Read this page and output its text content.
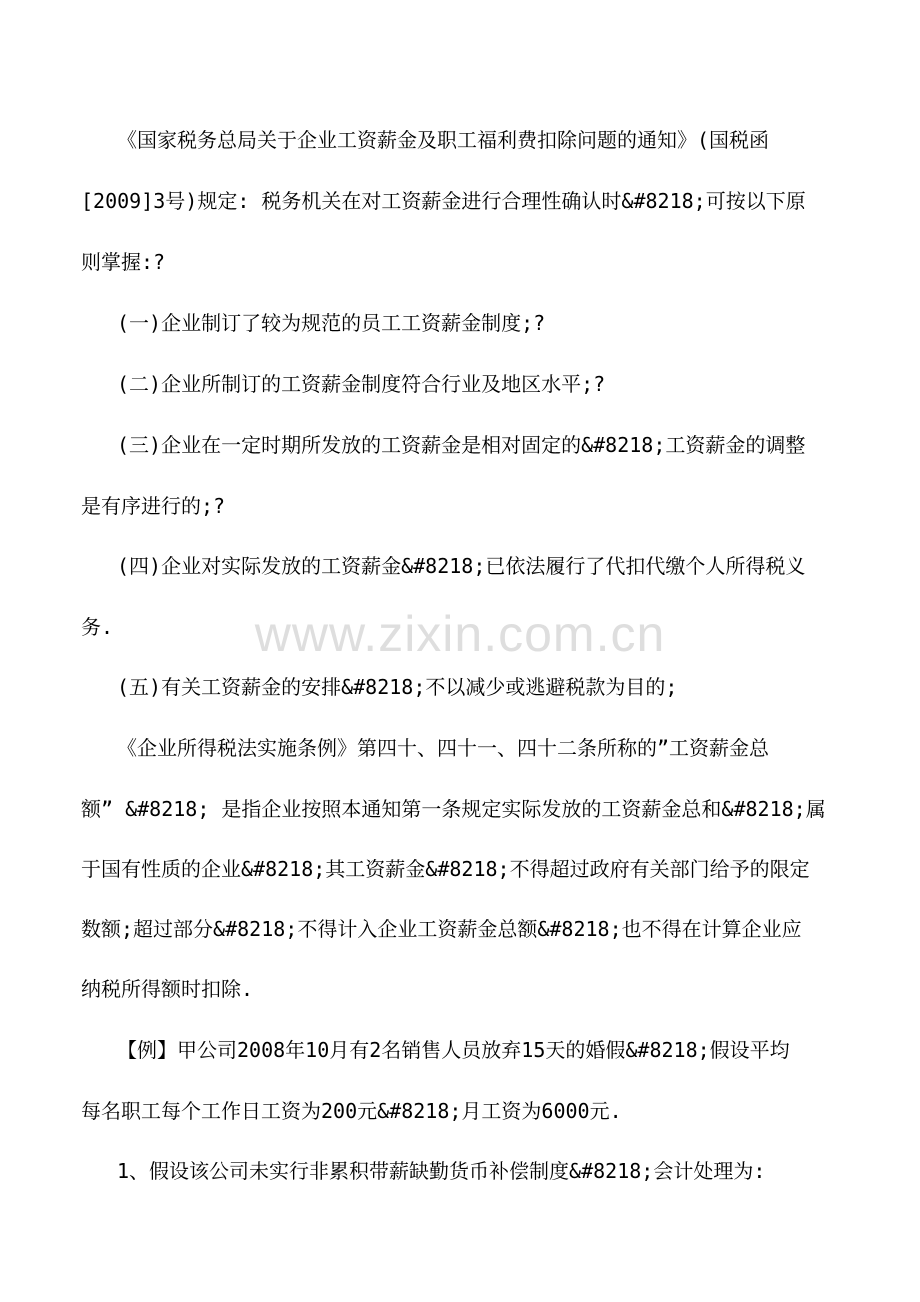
www.zixin.com.cn
《国家税务总局关于企业工资薪金及职工福利费扣除问题的通知》(国税函
[2009]3号)规定: 税务机关在对工资薪金进行合理性确认时&#8218;可按以下原
则掌握:?
(一)企业制订了较为规范的员工工资薪金制度;?
(二)企业所制订的工资薪金制度符合行业及地区水平;?
(三)企业在一定时期所发放的工资薪金是相对固定的&#8218;工资薪金的调整
是有序进行的;?
(四)企业对实际发放的工资薪金&#8218;已依法履行了代扣代缴个人所得税义
务.
(五)有关工资薪金的安排&#8218;不以减少或逃避税款为目的;
《企业所得税法实施条例》第四十、四十一、四十二条所称的”工资薪金总
额” &#8218; 是指企业按照本通知第一条规定实际发放的工资薪金总和&#8218;属
于国有性质的企业&#8218;其工资薪金&#8218;不得超过政府有关部门给予的限定
数额;超过部分&#8218;不得计入企业工资薪金总额&#8218;也不得在计算企业应
纳税所得额时扣除.
【例】甲公司2008年10月有2名销售人员放弃15天的婚假&#8218;假设平均
每名职工每个工作日工资为200元&#8218;月工资为6000元.
1、假设该公司未实行非累积带薪缺勤货币补偿制度&#8218;会计处理为:
